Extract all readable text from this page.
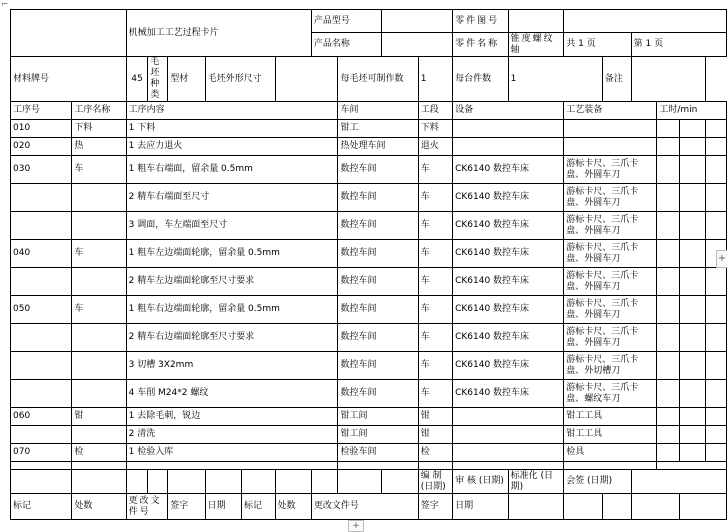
⌐
		机械加工工艺过程卡片						产品型号				零件图号							
								产品名称				零件名称	锥度螺纹轴	共 1 页		第 1 页			
材料牌号		45	毛坯种类	型材	毛坯外形尺寸				每毛坯可制作数		1	每台件数	1		备注				
工序号	工序名称	工序内容							车间		工段	设备		工艺装备			工时/min		
010	下料	1 下料							钳工		下料								
020	热	1 去应力退火							热处理车间		退火								
030	车	1 粗车右端面，留余量 0.5mm							数控车间		车	CK6140 数控车床		游标卡尺、三爪卡盘、外圆车刀					
		2 精车右端面至尺寸							数控车间		车	CK6140 数控车床		游标卡尺、三爪卡盘、外圆车刀					
		3 调面，车左端面至尺寸							数控车间		车	CK6140 数控车床		游标卡尺、三爪卡盘、外圆车刀					
040	车	1 粗车左边端面轮廓，留余量 0.5mm							数控车间		车	CK6140 数控车床		游标卡尺、三爪卡盘、外圆车刀					
		2 精车左边端面轮廓至尺寸要求							数控车间		车	CK6140 数控车床		游标卡尺、三爪卡盘、外圆车刀					
050	车	1 粗车右边端面轮廓，留余量 0.5mm							数控车间		车	CK6140 数控车床		游标卡尺、三爪卡盘、外圆车刀					
		2 精车右边端面轮廓至尺寸要求							数控车间		车	CK6140 数控车床		游标卡尺、三爪卡盘、外圆车刀					
		3 切槽 3X2mm							数控车间		车	CK6140 数控车床		游标卡尺、三爪卡盘、外切槽刀					
		4 车削 M24*2 螺纹							数控车间		车	CK6140 数控车床		游标卡尺、三爪卡盘、螺纹车刀					
060	钳	1 去除毛刺，锐边							钳工间		钳			钳工工具					
		2 清洗							钳工间		钳			钳工工具					
070	检	1 检验入库							检验车间		检			检具					

											编 制 (日期)	审 核 (日期)	标准化 (日期)	会签 (日期)					
标记	处数	更改文件号		签字	日期	标记	处数	更改文件号			签字	日期							
+
+
